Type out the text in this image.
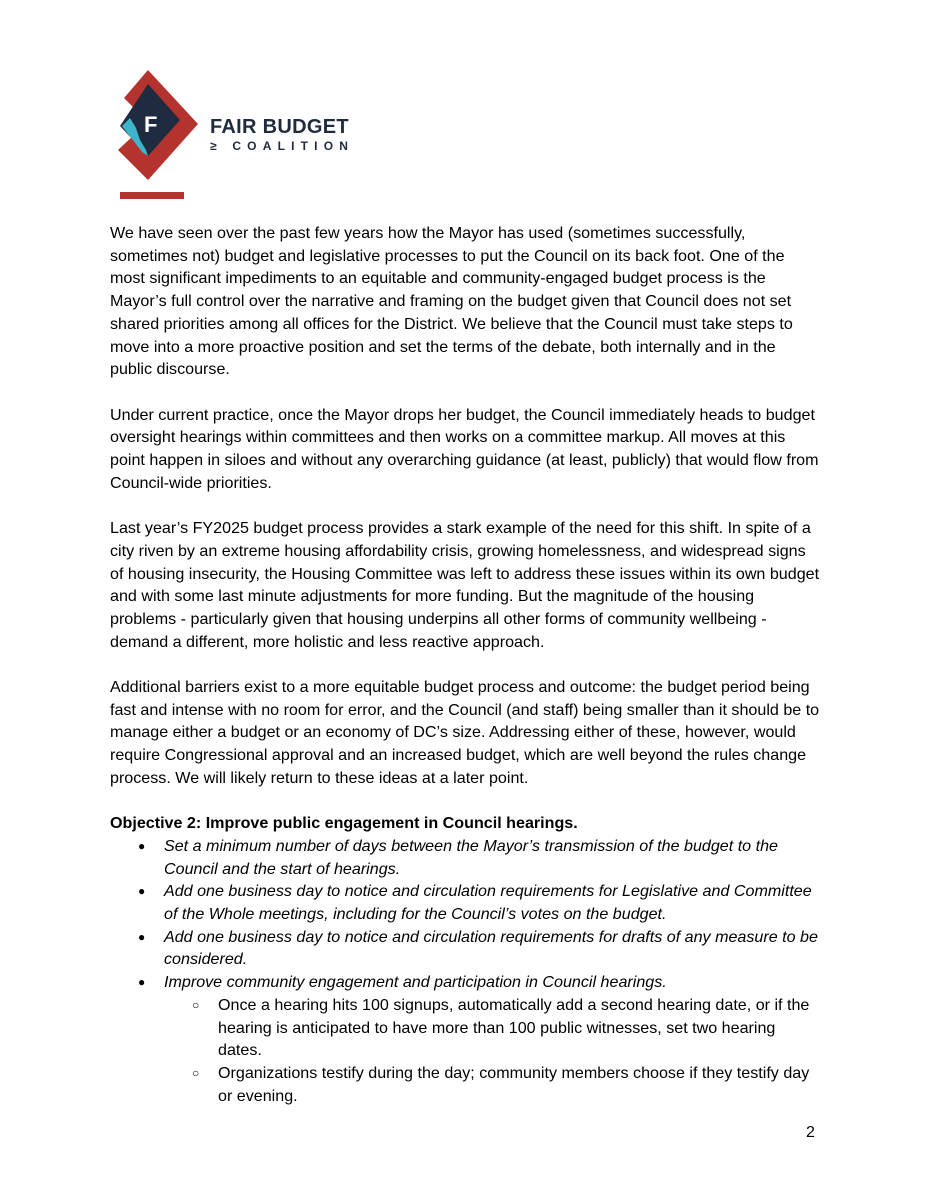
F	FAIR BUDGET
≥ COALITION

We have seen over the past few years how the Mayor has used (sometimes successfully, sometimes not) budget and legislative processes to put the Council on its back foot. One of the most significant impediments to an equitable and community-engaged budget process is the Mayor’s full control over the narrative and framing on the budget given that Council does not set shared priorities among all offices for the District. We believe that the Council must take steps to move into a more proactive position and set the terms of the debate, both internally and in the public discourse.

Under current practice, once the Mayor drops her budget, the Council immediately heads to budget oversight hearings within committees and then works on a committee markup. All moves at this point happen in siloes and without any overarching guidance (at least, publicly) that would flow from Council-wide priorities.

Last year’s FY2025 budget process provides a stark example of the need for this shift. In spite of a city riven by an extreme housing affordability crisis, growing homelessness, and widespread signs of housing insecurity, the Housing Committee was left to address these issues within its own budget and with some last minute adjustments for more funding. But the magnitude of the housing problems - particularly given that housing underpins all other forms of community wellbeing - demand a different, more holistic and less reactive approach.

Additional barriers exist to a more equitable budget process and outcome: the budget period being fast and intense with no room for error, and the Council (and staff) being smaller than it should be to manage either a budget or an economy of DC’s size. Addressing either of these, however, would require Congressional approval and an increased budget, which are well beyond the rules change process. We will likely return to these ideas at a later point.

Objective 2: Improve public engagement in Council hearings.
● Set a minimum number of days between the Mayor’s transmission of the budget to the Council and the start of hearings.
● Add one business day to notice and circulation requirements for Legislative and Committee of the Whole meetings, including for the Council’s votes on the budget.
● Add one business day to notice and circulation requirements for drafts of any measure to be considered.
● Improve community engagement and participation in Council hearings.
○ Once a hearing hits 100 signups, automatically add a second hearing date, or if the hearing is anticipated to have more than 100 public witnesses, set two hearing dates.
○ Organizations testify during the day; community members choose if they testify day or evening.
2
